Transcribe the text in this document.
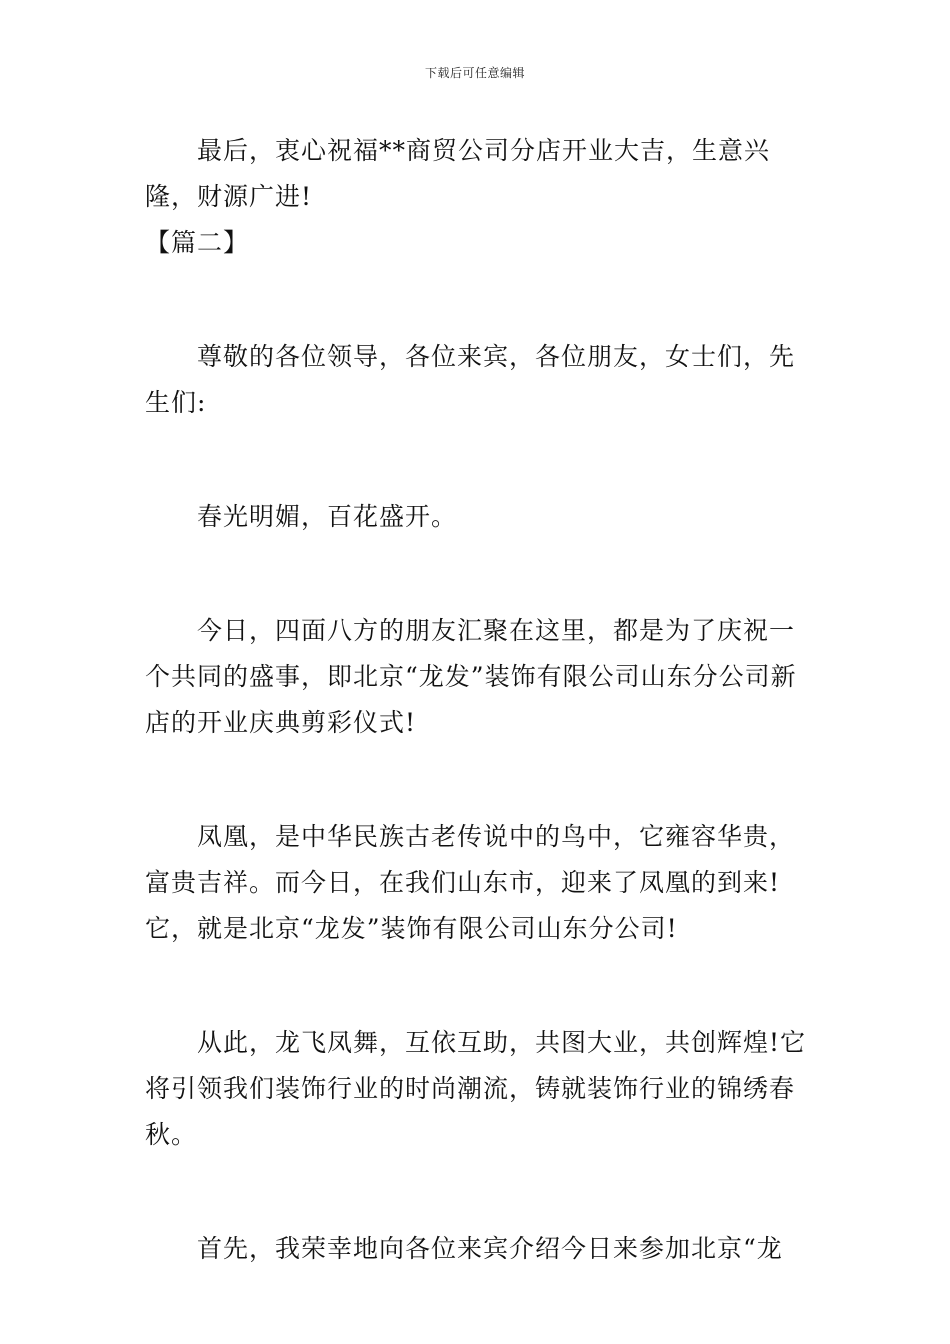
下载后可任意编辑

最后，衷心祝福**商贸公司分店开业大吉，生意兴隆，财源广进!

【篇二】

尊敬的各位领导，各位来宾，各位朋友，女士们，先生们:

春光明媚，百花盛开。

今日，四面八方的朋友汇聚在这里，都是为了庆祝一个共同的盛事，即北京“龙发”装饰有限公司山东分公司新店的开业庆典剪彩仪式!

凤凰，是中华民族古老传说中的鸟中，它雍容华贵，富贵吉祥。而今日，在我们山东市，迎来了凤凰的到来!它，就是北京“龙发”装饰有限公司山东分公司!

从此，龙飞凤舞，互依互助，共图大业，共创辉煌!它将引领我们装饰行业的时尚潮流，铸就装饰行业的锦绣春秋。

首先，我荣幸地向各位来宾介绍今日来参加北京“龙
